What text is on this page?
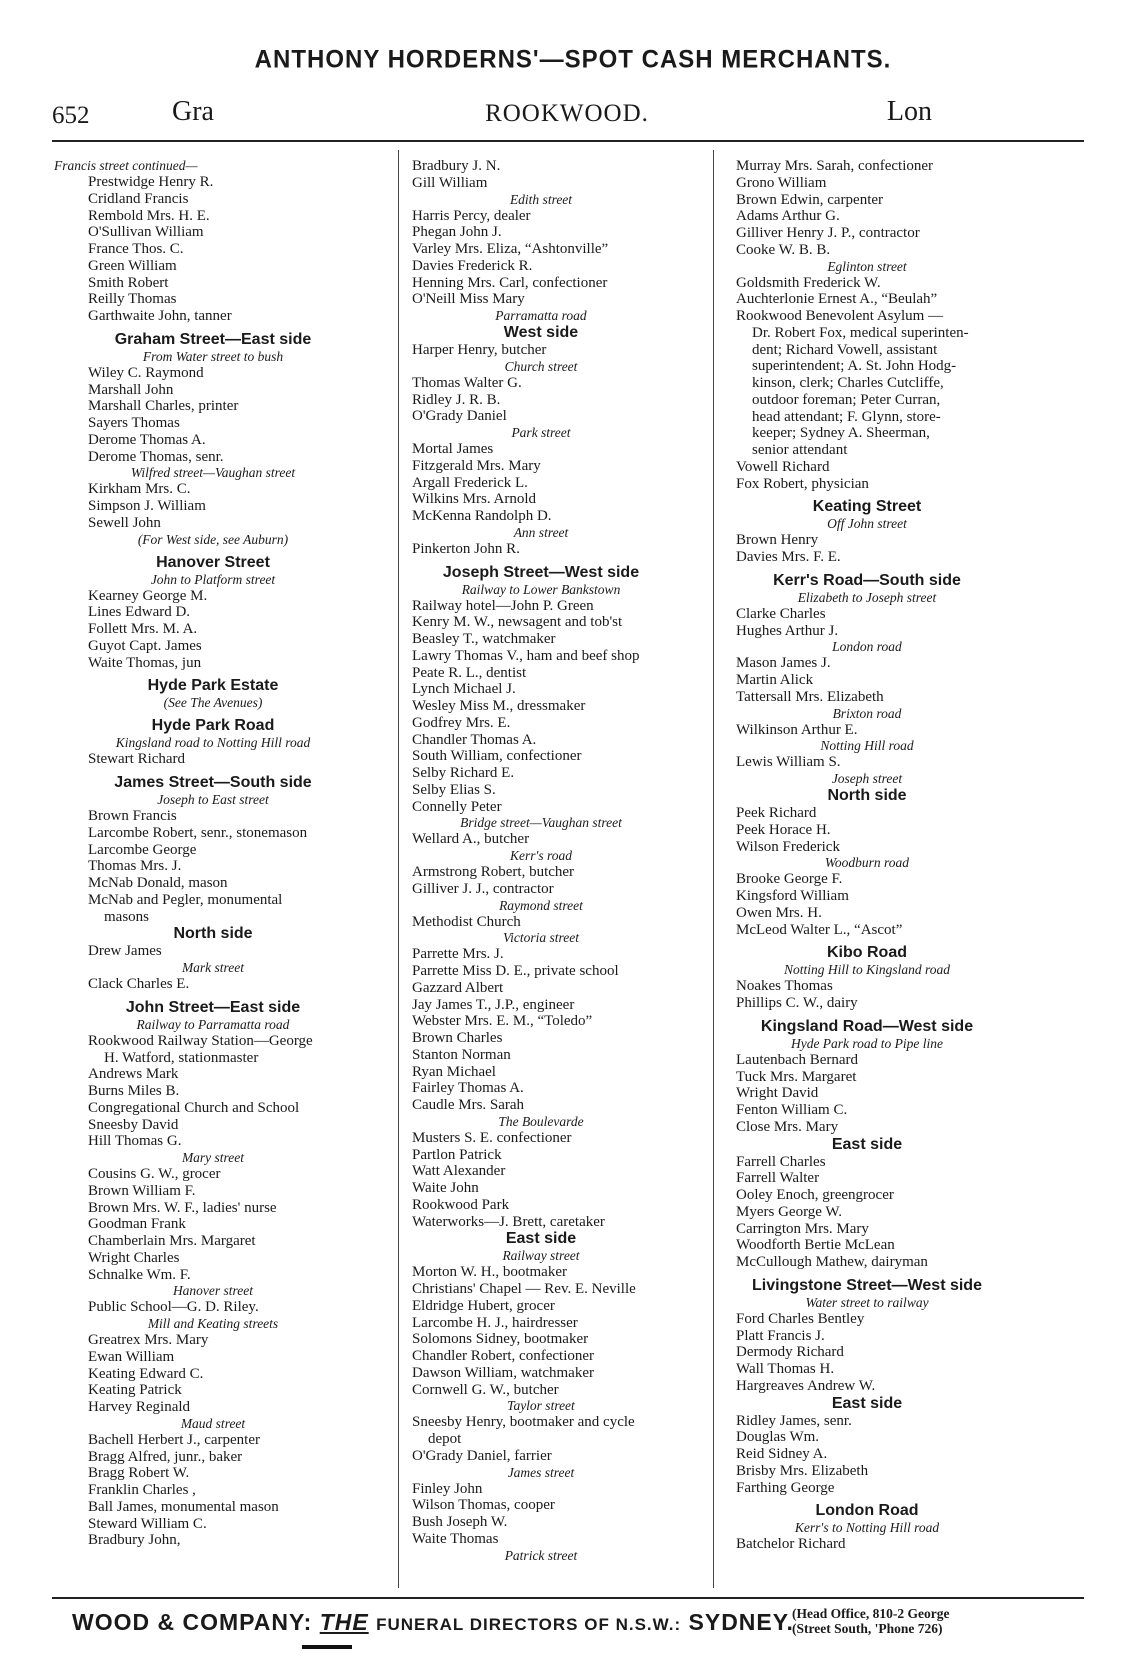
ANTHONY HORDERNS'—SPOT CASH MERCHANTS.
652	Gra	ROOKWOOD.	Lon
Francis street continued—
Prestwidge Henry R.
Cridland Francis
Rembold Mrs. H. E.
O'Sullivan William
France Thos. C.
Green William
Smith Robert
Reilly Thomas
Garthwaite John, tanner
Graham Street—East side
From Water street to bush
Wiley C. Raymond
Marshall John
Marshall Charles, printer
Sayers Thomas
Derome Thomas A.
Derome Thomas, senr.
Wilfred street—Vaughan street
Kirkham Mrs. C.
Simpson J. William
Sewell John
(For West side, see Auburn)
Hanover Street
John to Platform street
Kearney George M.
Lines Edward D.
Follett Mrs. M. A.
Guyot Capt. James
Waite Thomas, jun
Hyde Park Estate
(See The Avenues)
Hyde Park Road
Kingsland road to Notting Hill road
Stewart Richard
James Street—South side
Joseph to East street
Brown Francis
Larcombe Robert, senr., stonemason
Larcombe George
Thomas Mrs. J.
McNab Donald, mason
McNab and Pegler, monumental
masons
North side
Drew James
Mark street
Clack Charles E.
John Street—East side
Railway to Parramatta road
Rookwood Railway Station—George
H. Watford, stationmaster
Andrews Mark
Burns Miles B.
Congregational Church and School
Sneesby David
Hill Thomas G.
Mary street
Cousins G. W., grocer
Brown William F.
Brown Mrs. W. F., ladies' nurse
Goodman Frank
Chamberlain Mrs. Margaret
Wright Charles
Schnalke Wm. F.
Hanover street
Public School—G. D. Riley.
Mill and Keating streets
Greatrex Mrs. Mary
Ewan William
Keating Edward C.
Keating Patrick
Harvey Reginald
Maud street
Bachell Herbert J., carpenter
Bragg Alfred, junr., baker
Bragg Robert W.
Franklin Charles ,
Ball James, monumental mason
Steward William C.
Bradbury John,
Bradbury J. N.
Gill William
Edith street
Harris Percy, dealer
Phegan John J.
Varley Mrs. Eliza, “Ashtonville”
Davies Frederick R.
Henning Mrs. Carl, confectioner
O'Neill Miss Mary
Parramatta road
West side
Harper Henry, butcher
Church street
Thomas Walter G.
Ridley J. R. B.
O'Grady Daniel
Park street
Mortal James
Fitzgerald Mrs. Mary
Argall Frederick L.
Wilkins Mrs. Arnold
McKenna Randolph D.
Ann street
Pinkerton John R.
Joseph Street—West side
Railway to Lower Bankstown
Railway hotel—John P. Green
Kenry M. W., newsagent and tob'st
Beasley T., watchmaker
Lawry Thomas V., ham and beef shop
Peate R. L., dentist
Lynch Michael J.
Wesley Miss M., dressmaker
Godfrey Mrs. E.
Chandler Thomas A.
South William, confectioner
Selby Richard E.
Selby Elias S.
Connelly Peter
Bridge street—Vaughan street
Wellard A., butcher
Kerr's road
Armstrong Robert, butcher
Gilliver J. J., contractor
Raymond street
Methodist Church
Victoria street
Parrette Mrs. J.
Parrette Miss D. E., private school
Gazzard Albert
Jay James T., J.P., engineer
Webster Mrs. E. M., “Toledo”
Brown Charles
Stanton Norman
Ryan Michael
Fairley Thomas A.
Caudle Mrs. Sarah
The Boulevarde
Musters S. E. confectioner
Partlon Patrick
Watt Alexander
Waite John
Rookwood Park
Waterworks—J. Brett, caretaker
East side
Railway street
Morton W. H., bootmaker
Christians' Chapel — Rev. E. Neville
Eldridge Hubert, grocer
Larcombe H. J., hairdresser
Solomons Sidney, bootmaker
Chandler Robert, confectioner
Dawson William, watchmaker
Cornwell G. W., butcher
Taylor street
Sneesby Henry, bootmaker and cycle
depot
O'Grady Daniel, farrier
James street
Finley John
Wilson Thomas, cooper
Bush Joseph W.
Waite Thomas
Patrick street
Murray Mrs. Sarah, confectioner
Grono William
Brown Edwin, carpenter
Adams Arthur G.
Gilliver Henry J. P., contractor
Cooke W. B. B.
Eglinton street
Goldsmith Frederick W.
Auchterlonie Ernest A., “Beulah”
Rookwood Benevolent Asylum —
Dr. Robert Fox, medical superinten-
dent; Richard Vowell, assistant
superintendent; A. St. John Hodg-
kinson, clerk; Charles Cutcliffe,
outdoor foreman; Peter Curran,
head attendant; F. Glynn, store-
keeper; Sydney A. Sheerman,
senior attendant
Vowell Richard
Fox Robert, physician
Keating Street
Off John street
Brown Henry
Davies Mrs. F. E.
Kerr's Road—South side
Elizabeth to Joseph street
Clarke Charles
Hughes Arthur J.
London road
Mason James J.
Martin Alick
Tattersall Mrs. Elizabeth
Brixton road
Wilkinson Arthur E.
Notting Hill road
Lewis William S.
Joseph street
North side
Peek Richard
Peek Horace H.
Wilson Frederick
Woodburn road
Brooke George F.
Kingsford William
Owen Mrs. H.
McLeod Walter L., “Ascot”
Kibo Road
Notting Hill to Kingsland road
Noakes Thomas
Phillips C. W., dairy
Kingsland Road—West side
Hyde Park road to Pipe line
Lautenbach Bernard
Tuck Mrs. Margaret
Wright David
Fenton William C.
Close Mrs. Mary
East side
Farrell Charles
Farrell Walter
Ooley Enoch, greengrocer
Myers George W.
Carrington Mrs. Mary
Woodforth Bertie McLean
McCullough Mathew, dairyman
Livingstone Street—West side
Water street to railway
Ford Charles Bentley
Platt Francis J.
Dermody Richard
Wall Thomas H.
Hargreaves Andrew W.
East side
Ridley James, senr.
Douglas Wm.
Reid Sidney A.
Brisby Mrs. Elizabeth
Farthing George
London Road
Kerr's to Notting Hill road
Batchelor Richard
WOOD & COMPANY: THE FUNERAL DIRECTORS OF N.S.W.: SYDNEY.
(Head Office, 810-2 George
(Street South, 'Phone 726)
